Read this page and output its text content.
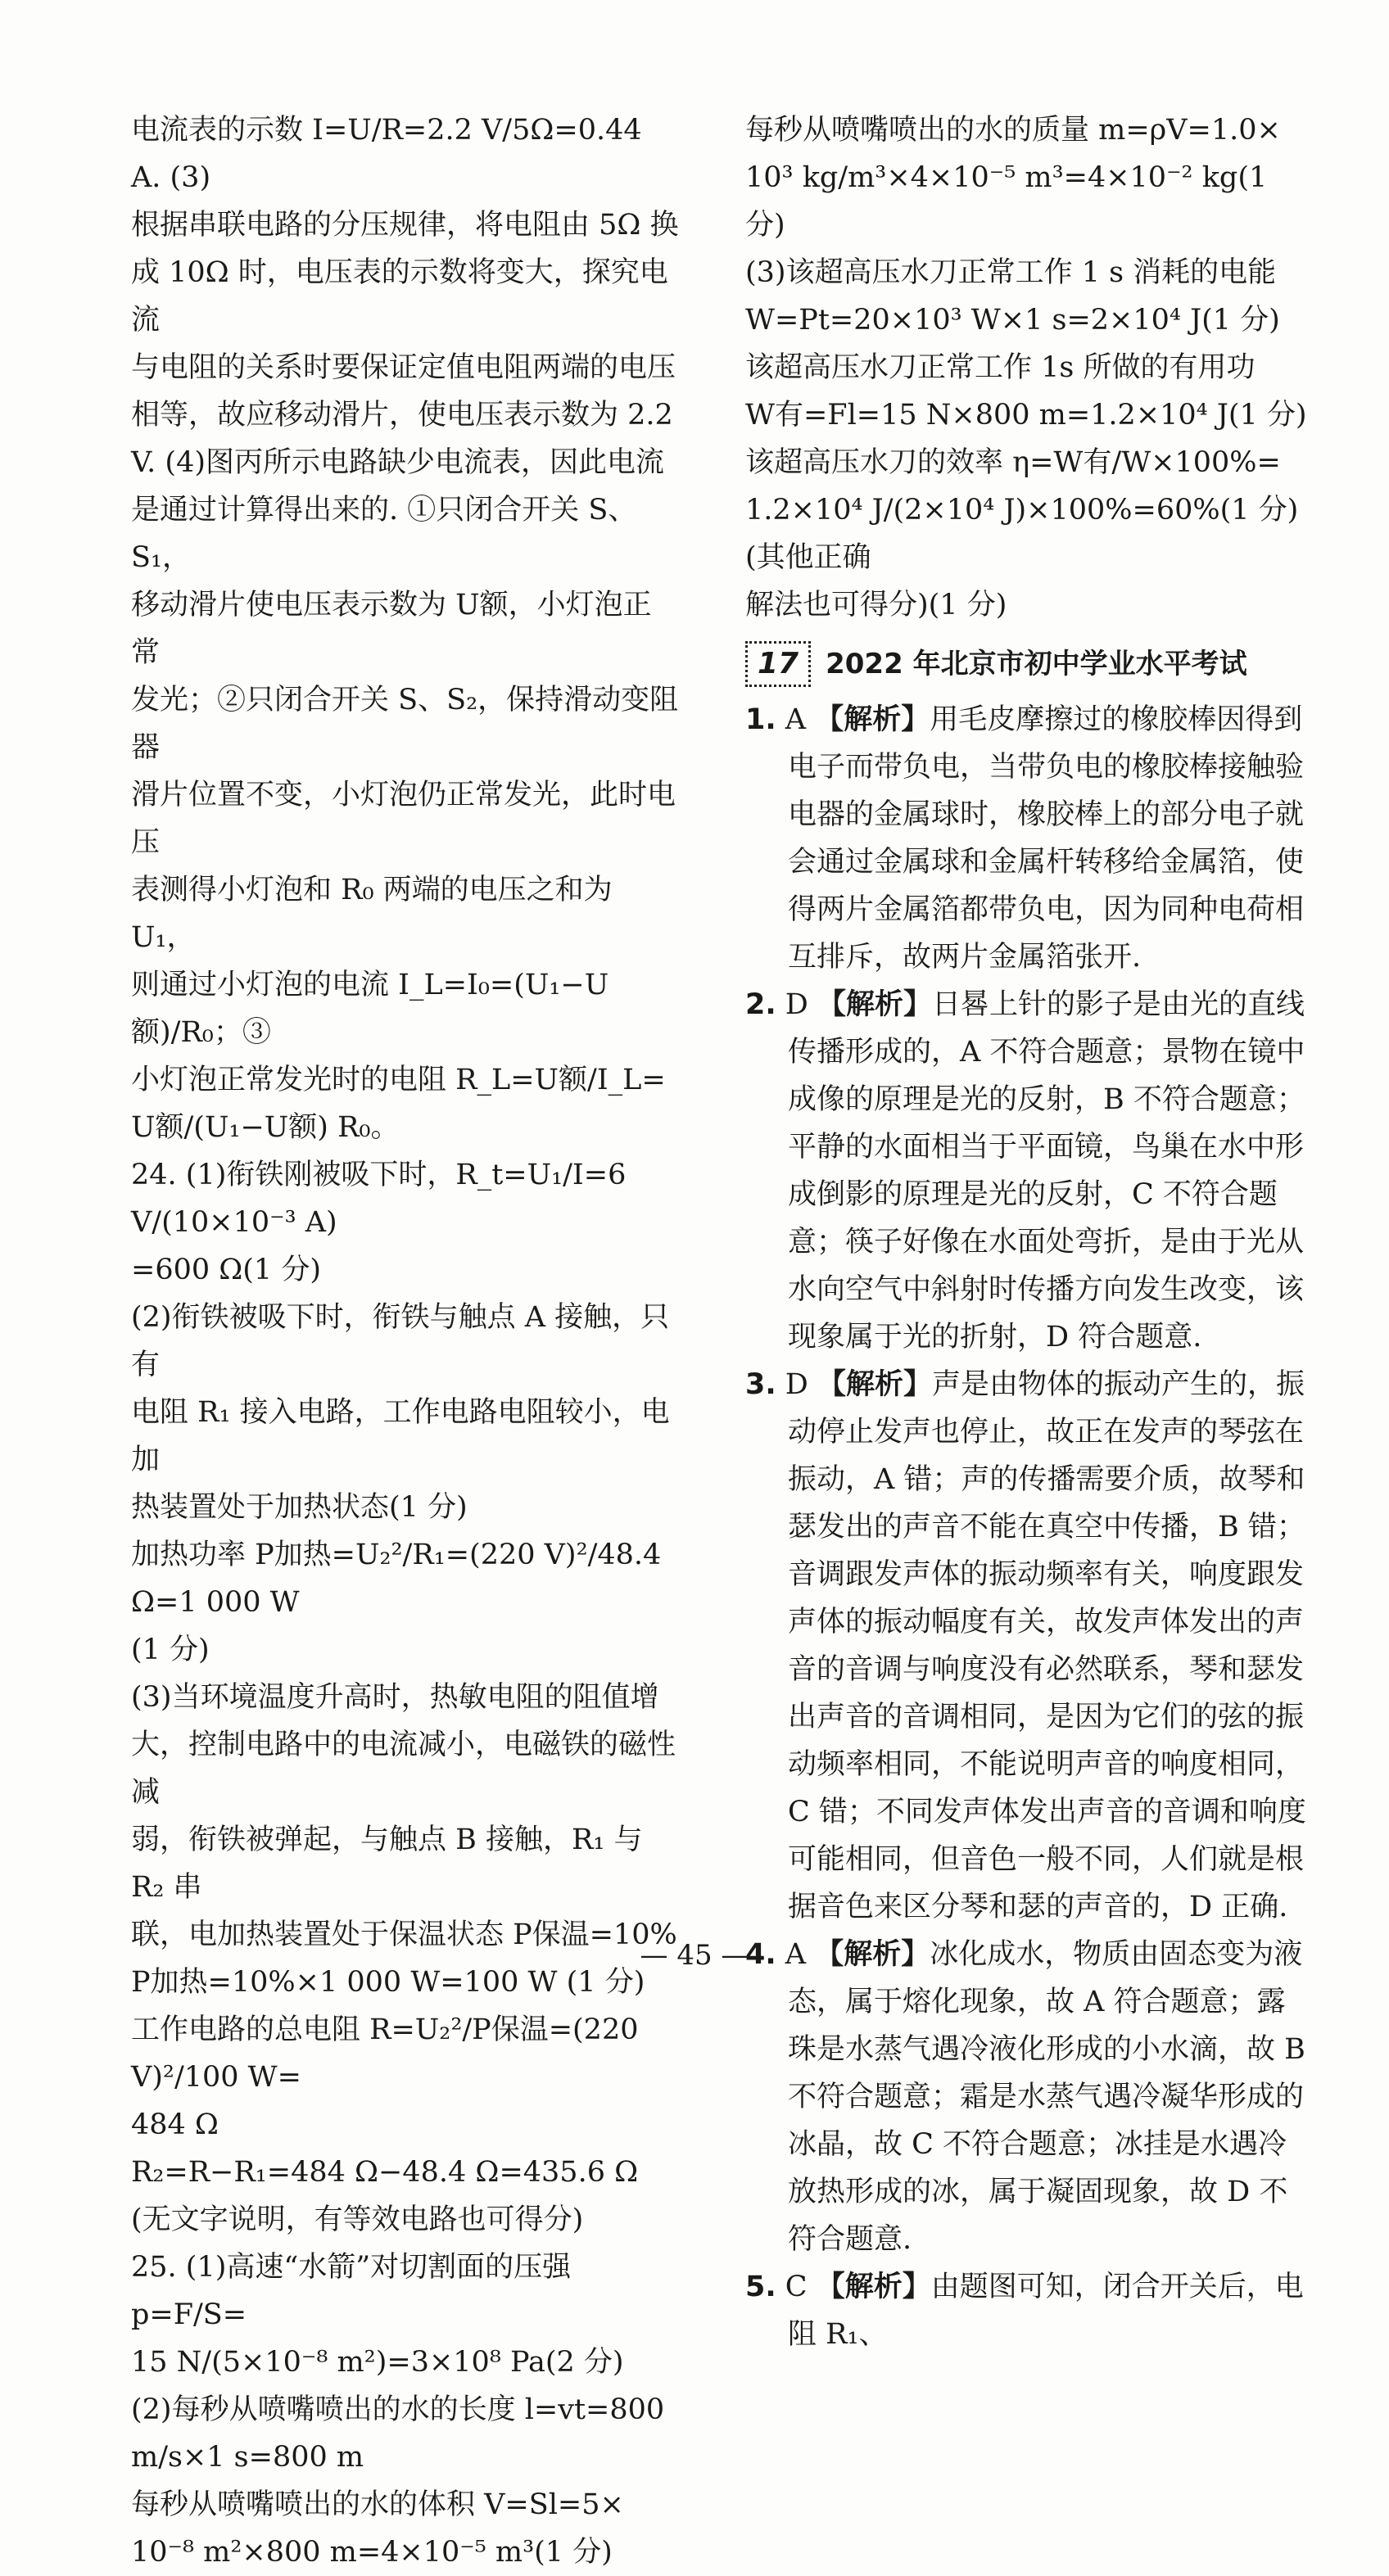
电流表的示数 I=U/R=2.2 V/5Ω=0.44 A. (3)

根据串联电路的分压规律，将电阻由 5Ω 换

成 10Ω 时，电压表的示数将变大，探究电流

与电阻的关系时要保证定值电阻两端的电压

相等，故应移动滑片，使电压表示数为 2.2

V. (4)图丙所示电路缺少电流表，因此电流

是通过计算得出来的. ①只闭合开关 S、S₁，

移动滑片使电压表示数为 U额，小灯泡正常

发光；②只闭合开关 S、S₂，保持滑动变阻器

滑片位置不变，小灯泡仍正常发光，此时电压

表测得小灯泡和 R₀ 两端的电压之和为 U₁，

则通过小灯泡的电流 I_L=I₀=(U₁−U额)/R₀；③

小灯泡正常发光时的电阻 R_L=U额/I_L=

U额/(U₁−U额) R₀。

24. (1)衔铁刚被吸下时，R_t=U₁/I=6 V/(10×10⁻³ A)

=600 Ω(1 分)

(2)衔铁被吸下时，衔铁与触点 A 接触，只有

电阻 R₁ 接入电路，工作电路电阻较小，电加

热装置处于加热状态(1 分)

加热功率 P加热=U₂²/R₁=(220 V)²/48.4 Ω=1 000 W

(1 分)

(3)当环境温度升高时，热敏电阻的阻值增

大，控制电路中的电流减小，电磁铁的磁性减

弱，衔铁被弹起，与触点 B 接触，R₁ 与 R₂ 串

联，电加热装置处于保温状态 P保温=10%

P加热=10%×1 000 W=100 W (1 分)

工作电路的总电阻 R=U₂²/P保温=(220 V)²/100 W=

484 Ω

R₂=R−R₁=484 Ω−48.4 Ω=435.6 Ω

(无文字说明，有等效电路也可得分)

25. (1)高速“水箭”对切割面的压强 p=F/S=

15 N/(5×10⁻⁸ m²)=3×10⁸ Pa(2 分)

(2)每秒从喷嘴喷出的水的长度 l=vt=800

m/s×1 s=800 m

每秒从喷嘴喷出的水的体积 V=Sl=5×

10⁻⁸ m²×800 m=4×10⁻⁵ m³(1 分)

每秒从喷嘴喷出的水的质量 m=ρV=1.0×

10³ kg/m³×4×10⁻⁵ m³=4×10⁻² kg(1 分)

(3)该超高压水刀正常工作 1 s 消耗的电能

W=Pt=20×10³ W×1 s=2×10⁴ J(1 分)

该超高压水刀正常工作 1s 所做的有用功

W有=Fl=15 N×800 m=1.2×10⁴ J(1 分)

该超高压水刀的效率 η=W有/W×100%=

1.2×10⁴ J/(2×10⁴ J)×100%=60%(1 分)(其他正确

解法也可得分)(1 分)

17 2022 年北京市初中学业水平考试

1. A 【解析】用毛皮摩擦过的橡胶棒因得到电子而带负电，当带负电的橡胶棒接触验电器的金属球时，橡胶棒上的部分电子就会通过金属球和金属杆转移给金属箔，使得两片金属箔都带负电，因为同种电荷相互排斥，故两片金属箔张开.

2. D 【解析】日晷上针的影子是由光的直线传播形成的，A 不符合题意；景物在镜中成像的原理是光的反射，B 不符合题意；平静的水面相当于平面镜，鸟巢在水中形成倒影的原理是光的反射，C 不符合题意；筷子好像在水面处弯折，是由于光从水向空气中斜射时传播方向发生改变，该现象属于光的折射，D 符合题意.

3. D 【解析】声是由物体的振动产生的，振动停止发声也停止，故正在发声的琴弦在振动，A 错；声的传播需要介质，故琴和瑟发出的声音不能在真空中传播，B 错；音调跟发声体的振动频率有关，响度跟发声体的振动幅度有关，故发声体发出的声音的音调与响度没有必然联系，琴和瑟发出声音的音调相同，是因为它们的弦的振动频率相同，不能说明声音的响度相同，C 错；不同发声体发出声音的音调和响度可能相同，但音色一般不同，人们就是根据音色来区分琴和瑟的声音的，D 正确.

4. A 【解析】冰化成水，物质由固态变为液态，属于熔化现象，故 A 符合题意；露珠是水蒸气遇冷液化形成的小水滴，故 B 不符合题意；霜是水蒸气遇冷凝华形成的冰晶，故 C 不符合题意；冰挂是水遇冷放热形成的冰，属于凝固现象，故 D 不符合题意.

5. C 【解析】由题图可知，闭合开关后，电阻 R₁、

— 45 —
